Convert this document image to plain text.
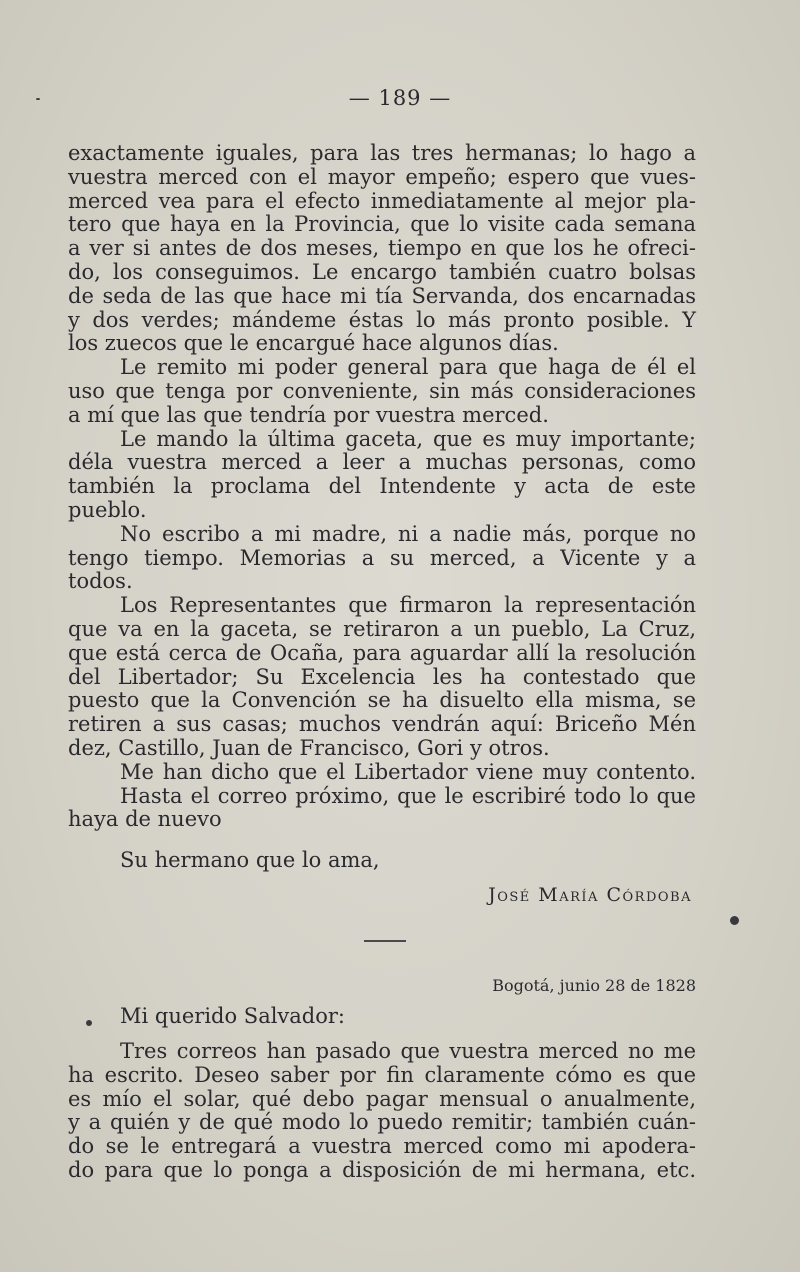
— 189 —
exactamente iguales, para las tres hermanas; lo hago a
vuestra merced con el mayor empeño; espero que vues-
merced vea para el efecto inmediatamente al mejor pla-
tero que haya en la Provincia, que lo visite cada semana
a ver si antes de dos meses, tiempo en que los he ofreci-
do, los conseguimos. Le encargo también cuatro bolsas
de seda de las que hace mi tía Servanda, dos encarnadas
y dos verdes; mándeme éstas lo más pronto posible. Y
los zuecos que le encargué hace algunos días.
Le remito mi poder general para que haga de él el
uso que tenga por conveniente, sin más consideraciones
a mí que las que tendría por vuestra merced.
Le mando la última gaceta, que es muy importante;
déla vuestra merced a leer a muchas personas, como
también la proclama del Intendente y acta de este
pueblo.
No escribo a mi madre, ni a nadie más, porque no
tengo tiempo. Memorias a su merced, a Vicente y a
todos.
Los Representantes que firmaron la representación
que va en la gaceta, se retiraron a un pueblo, La Cruz,
que está cerca de Ocaña, para aguardar allí la resolución
del Libertador; Su Excelencia les ha contestado que
puesto que la Convención se ha disuelto ella misma, se
retiren a sus casas; muchos vendrán aquí: Briceño Mén
dez, Castillo, Juan de Francisco, Gori y otros.
Me han dicho que el Libertador viene muy contento.
Hasta el correo próximo, que le escribiré todo lo que
haya de nuevo
Su hermano que lo ama,
José María Córdoba
Bogotá, junio 28 de 1828
Mi querido Salvador:
Tres correos han pasado que vuestra merced no me
ha escrito. Deseo saber por fin claramente cómo es que
es mío el solar, qué debo pagar mensual o anualmente,
y a quién y de qué modo lo puedo remitir; también cuán-
do se le entregará a vuestra merced como mi apodera-
do para que lo ponga a disposición de mi hermana, etc.
